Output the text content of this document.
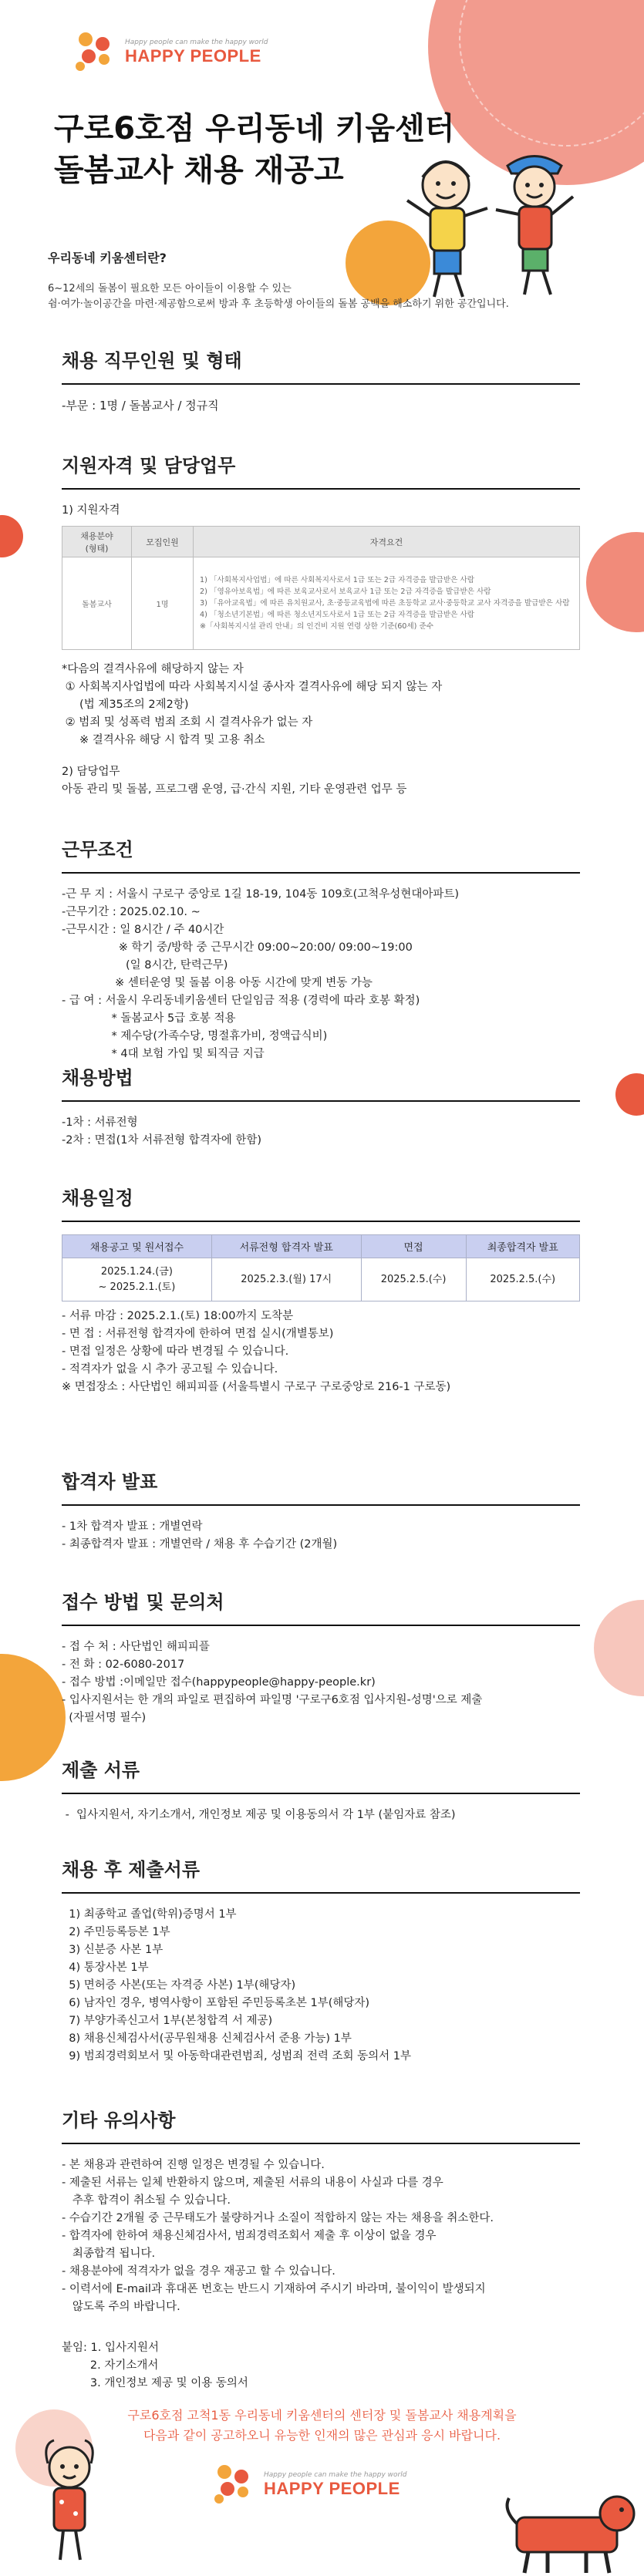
Happy people can make the happy world
HAPPY PEOPLE
구로6호점 우리동네 키움센터
돌봄교사 채용 재공고

우리동네 키움센터란?

6~12세의 돌봄이 필요한 모든 아이들이 이용할 수 있는

쉼·여가·놀이공간을 마련·제공함으로써 방과 후 초등학생 아이들의 돌봄 공백을 해소하기 위한 공간입니다.

채용 직무인원 및 형태

-부문 : 1명 / 돌봄교사 / 정규직

지원자격 및 담당업무

1) 지원자격

채용분야
(형태)	모집인원	자격요건
돌봄교사	1명	1) 「사회복지사업법」에 따른 사회복지사로서 1급 또는 2급 자격증을 발급받은 사람
2) 「영유아보육법」에 따른 보육교사로서 보육교사 1급 또는 2급 자격증을 발급받은 사람
3) 「유아교육법」에 따른 유치원교사, 초·중등교육법에 따른 초등학교 교사·중등학교 교사 자격증을 발급받은 사람
4) 「청소년기본법」에 따른 청소년지도사로서 1급 또는 2급 자격증을 발급받은 사람
※「사회복지시설 관리 안내」의 인건비 지원 연령 상한 기준(60세) 준수

*다음의 결격사유에 해당하지 않는 자

① 사회복지사업법에 따라 사회복지시설 종사자 결격사유에 해당 되지 않는 자

(법 제35조의 2제2항)

② 범죄 및 성폭력 범죄 조회 시 결격사유가 없는 자

※ 결격사유 해당 시 합격 및 고용 취소

2) 담당업무

아동 관리 및 돌봄, 프로그램 운영, 급·간식 지원, 기타 운영관련 업무 등

근무조건

-근 무 지 : 서울시 구로구 중앙로 1길 18-19, 104동 109호(고척우성현대아파트)

-근무기간 : 2025.02.10. ~

-근무시간 : 일 8시간 / 주 40시간

※ 학기 중/방학 중 근무시간 09:00~20:00/ 09:00~19:00

(일 8시간, 탄력근무)

※ 센터운영 및 돌봄 이용 아동 시간에 맞게 변동 가능

- 급 여 : 서울시 우리동네키움센터 단일임금 적용 (경력에 따라 호봉 확정)

* 돌봄교사 5급 호봉 적용

* 제수당(가족수당, 명절휴가비, 정액급식비)

* 4대 보험 가입 및 퇴직금 지급

채용방법

-1차 : 서류전형

-2차 : 면접(1차 서류전형 합격자에 한함)

채용일정
채용공고 및 원서접수	서류전형 합격자 발표	면접	최종합격자 발표

2025.1.24.(금)
~ 2025.2.1.(토)	2025.2.3.(월) 17시	2025.2.5.(수)	2025.2.5.(수)

- 서류 마감 : 2025.2.1.(토) 18:00까지 도착분

- 면 접 : 서류전형 합격자에 한하여 면접 실시(개별통보)

- 면접 일정은 상황에 따라 변경될 수 있습니다.

- 적격자가 없을 시 추가 공고될 수 있습니다.

※ 면접장소 : 사단법인 해피피플 (서울특별시 구로구 구로중앙로 216-1 구로동)

합격자 발표

- 1차 합격자 발표 : 개별연락

- 최종합격자 발표 : 개별연락 / 채용 후 수습기간 (2개월)

접수 방법 및 문의처

- 접 수 처 : 사단법인 해피피플

- 전 화 : 02-6080-2017

- 접수 방법 :이메일만 접수(happypeople@happy-people.kr)

- 입사지원서는 한 개의 파일로 편집하여 파일명 '구로구6호점 입사지원-성명'으로 제출

(자필서명 필수)

제출 서류

-  입사지원서, 자기소개서, 개인정보 제공 및 이용동의서 각 1부 (붙임자료 참조)

채용 후 제출서류

1) 최종학교 졸업(학위)증명서 1부

2) 주민등록등본 1부

3) 신분증 사본 1부

4) 통장사본 1부

5) 면허증 사본(또는 자격증 사본) 1부(해당자)

6) 남자인 경우, 병역사항이 포함된 주민등록초본 1부(해당자)

7) 부양가족신고서 1부(본청합격 서 제공)

8) 채용신체검사서(공무원채용 신체검사서 준용 가능) 1부

9) 범죄경력회보서 및 아동학대관련범죄, 성범죄 전력 조회 동의서 1부

기타 유의사항

- 본 채용과 관련하여 진행 일정은 변경될 수 있습니다.

- 제출된 서류는 일체 반환하지 않으며, 제출된 서류의 내용이 사실과 다를 경우

추후 합격이 취소될 수 있습니다.

- 수습기간 2개월 중 근무태도가 불량하거나 소질이 적합하지 않는 자는 채용을 취소한다.

- 합격자에 한하여 채용신체검사서, 범죄경력조회서 제출 후 이상이 없을 경우

최종합격 됩니다.

- 채용분야에 적격자가 없을 경우 재공고 할 수 있습니다.

- 이력서에 E-mail과 휴대폰 번호는 반드시 기재하여 주시기 바라며, 불이익이 발생되지

않도록 주의 바랍니다.

붙임: 1. 입사지원서

2. 자기소개서

3. 개인정보 제공 및 이용 동의서

구로6호점 고척1동 우리동네 키움센터의 센터장 및 돌봄교사 채용계획을

다음과 같이 공고하오니 유능한 인재의 많은 관심과 응시 바랍니다.

Happy people can make the happy world
HAPPY PEOPLE
